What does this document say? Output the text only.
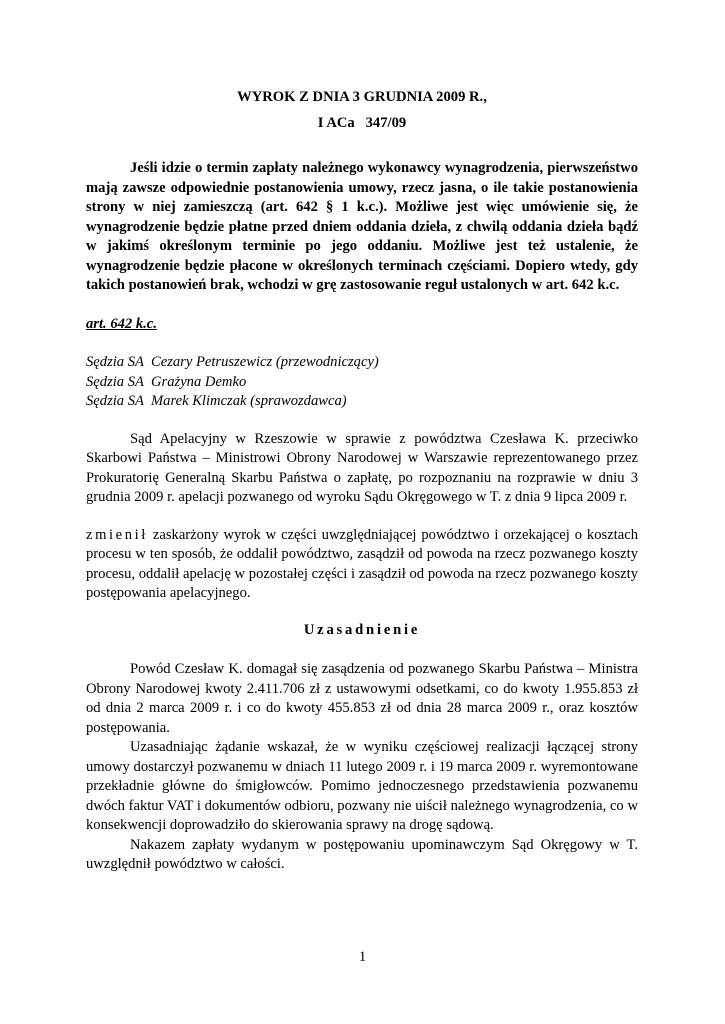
WYROK Z DNIA 3 GRUDNIA 2009 R.,
I ACa   347/09
Jeśli idzie o termin zapłaty należnego wykonawcy wynagrodzenia, pierwszeństwo mają zawsze odpowiednie postanowienia umowy, rzecz jasna, o ile takie postanowienia strony w niej zamieszczą (art. 642 § 1 k.c.). Możliwe jest więc umówienie się, że wynagrodzenie będzie płatne przed dniem oddania dzieła, z chwilą oddania dzieła bądź w jakimś określonym terminie po jego oddaniu. Możliwe jest też ustalenie, że wynagrodzenie będzie płacone w określonych terminach częściami. Dopiero wtedy, gdy takich postanowień brak, wchodzi w grę zastosowanie reguł ustalonych w art. 642 k.c.
art. 642 k.c.
Sędzia SA  Cezary Petruszewicz (przewodniczący)
Sędzia SA  Grażyna Demko
Sędzia SA  Marek Klimczak (sprawozdawca)
Sąd Apelacyjny w Rzeszowie w sprawie z powództwa Czesława K. przeciwko Skarbowi Państwa – Ministrowi Obrony Narodowej w Warszawie reprezentowanego przez Prokuratorię Generalną Skarbu Państwa o zapłatę, po rozpoznaniu na rozprawie w dniu 3 grudnia 2009 r. apelacji pozwanego od wyroku Sądu Okręgowego w T. z dnia 9 lipca 2009 r.
zmienił zaskarżony wyrok w części uwzględniającej powództwo i orzekającej o kosztach procesu w ten sposób, że oddalił powództwo, zasądził od powoda na rzecz pozwanego koszty procesu, oddalił apelację w pozostałej części i zasądził od powoda na rzecz pozwanego koszty postępowania apelacyjnego.
Uzasadnienie
Powód Czesław K. domagał się zasądzenia od pozwanego Skarbu Państwa – Ministra Obrony Narodowej kwoty 2.411.706 zł z ustawowymi odsetkami, co do kwoty 1.955.853 zł od dnia 2 marca 2009 r. i co do kwoty 455.853 zł od dnia 28 marca 2009 r., oraz kosztów postępowania.
Uzasadniając żądanie wskazał, że w wyniku częściowej realizacji łączącej strony umowy dostarczył pozwanemu w dniach 11 lutego 2009 r. i 19 marca 2009 r. wyremontowane przekładnie główne do śmigłowców. Pomimo jednoczesnego przedstawienia pozwanemu dwóch faktur VAT i dokumentów odbioru, pozwany nie uiścił należnego wynagrodzenia, co w konsekwencji doprowadziło do skierowania sprawy na drogę sądową.
Nakazem zapłaty wydanym w postępowaniu upominawczym Sąd Okręgowy w T. uwzględnił powództwo w całości.
1
